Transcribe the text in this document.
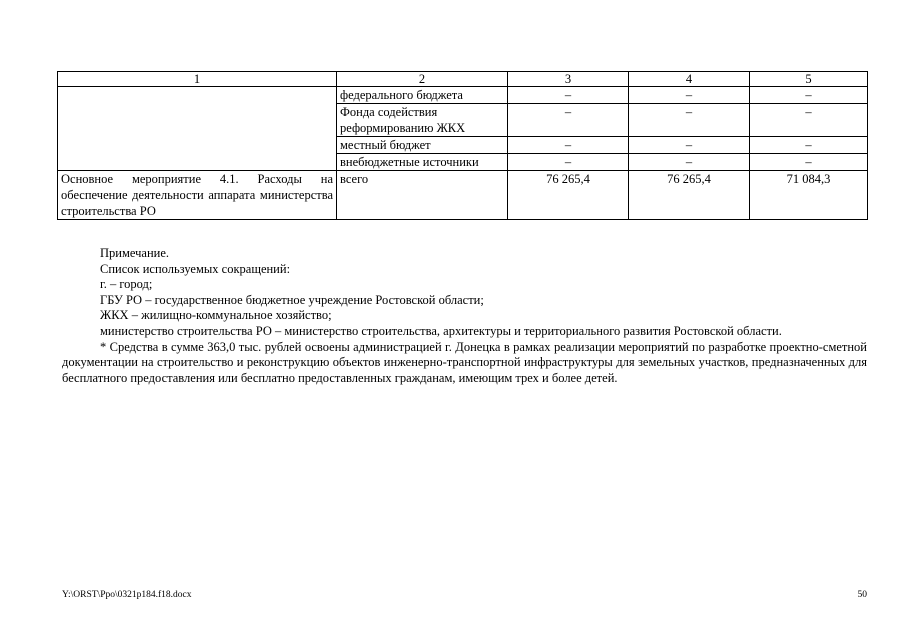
1	2	3	4	5
	федерального бюджета	–	–	–
	Фонда содействия реформированию ЖКХ	–	–	–
	местный бюджет	–	–	–
	внебюджетные источники	–	–	–
Основное мероприятие 4.1. Расходы на обеспечение деятельности аппарата министерства строительства РО	всего	76 265,4	76 265,4	71 084,3

Примечание.

Список используемых сокращений:

г. – город;

ГБУ РО – государственное бюджетное учреждение Ростовской области;

ЖКХ – жилищно-коммунальное хозяйство;

министерство строительства РО – министерство строительства, архитектуры и территориального развития Ростовской области.

* Средства в сумме 363,0 тыс. рублей освоены администрацией г. Донецка в рамках реализации мероприятий по разработке проектно-сметной документации на строительство и реконструкцию объектов инженерно-транспортной инфраструктуры для земельных участков, предназначенных для бесплатного предоставления или бесплатно предоставленных гражданам, имеющим трех и более детей.

Y:\ORST\Ppo\0321p184.f18.docx	50
